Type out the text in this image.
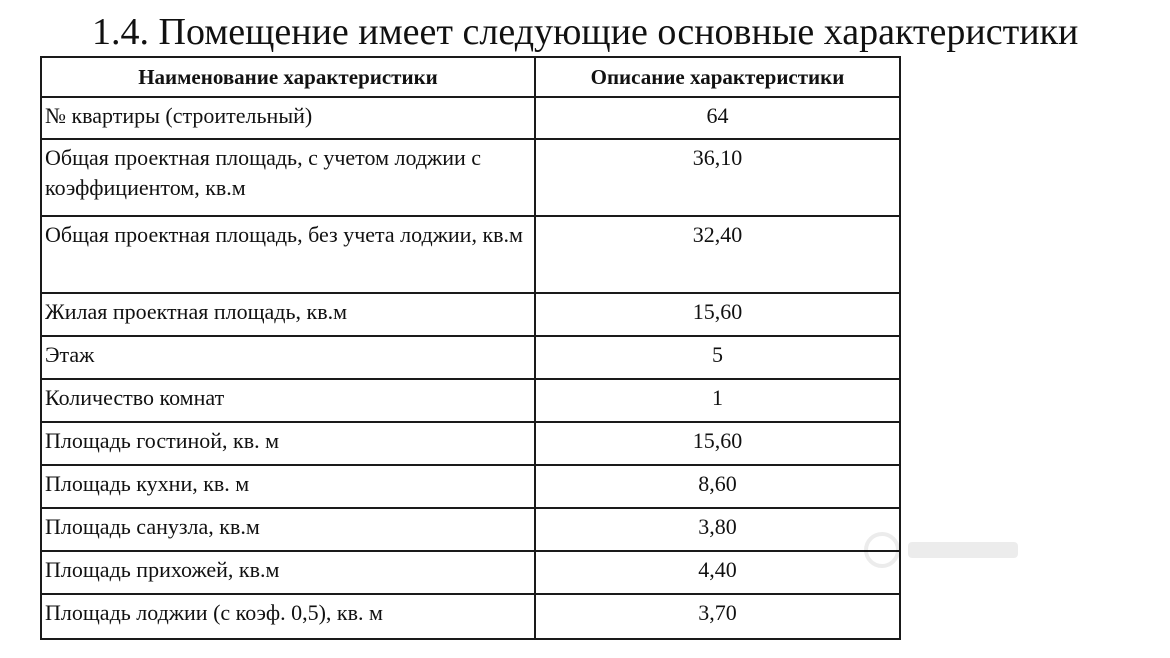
1.4. Помещение имеет следующие основные характеристики
Наименование характеристики	Описание характеристики
№ квартиры (строительный)	64
Общая проектная площадь, с учетом лоджии с коэффициентом, кв.м	36,10
Общая проектная площадь, без учета лоджии, кв.м	32,40
Жилая проектная площадь, кв.м	15,60
Этаж	5
Количество комнат	1
Площадь гостиной, кв. м	15,60
Площадь кухни, кв. м	8,60
Площадь санузла, кв.м	3,80
Площадь прихожей, кв.м	4,40
Площадь лоджии (с коэф. 0,5), кв. м	3,70
